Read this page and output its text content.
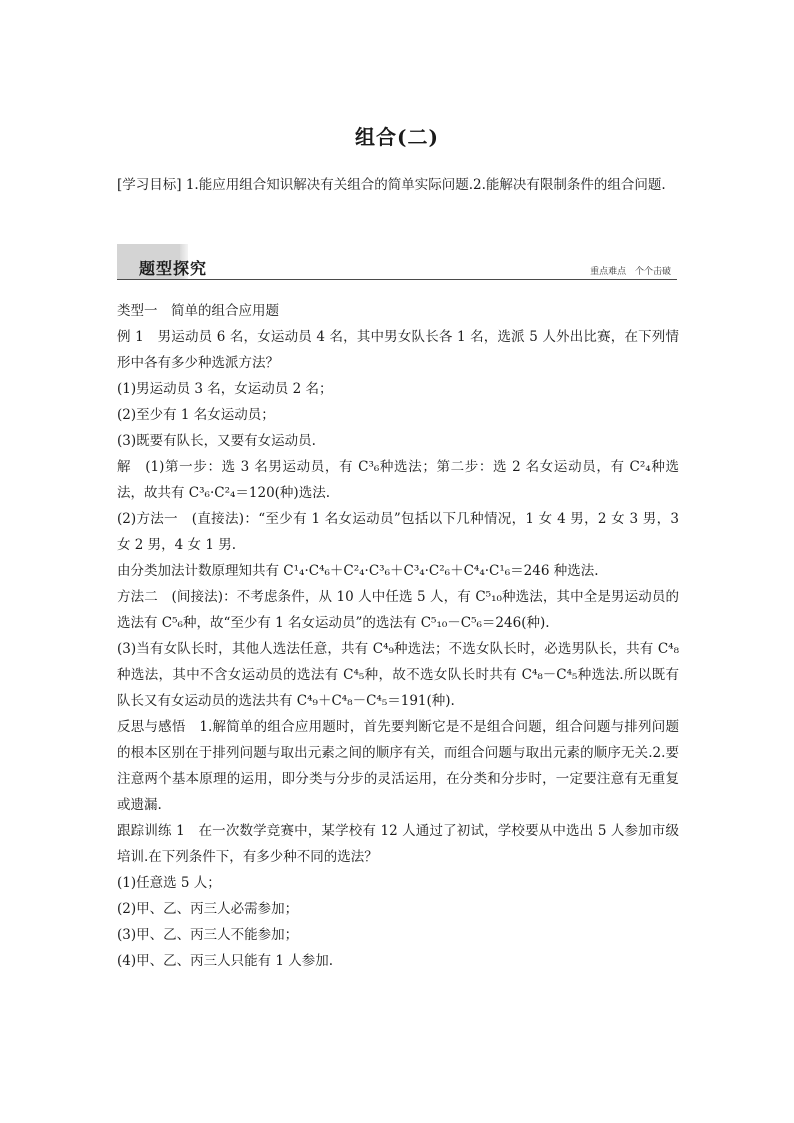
组合(二)
[学习目标] 1.能应用组合知识解决有关组合的简单实际问题.2.能解决有限制条件的组合问题.
题型探究	重点难点 个个击破

类型一　简单的组合应用题

例 1　男运动员 6 名，女运动员 4 名，其中男女队长各 1 名，选派 5 人外出比赛，在下列情形中各有多少种选派方法？

(1)男运动员 3 名，女运动员 2 名；

(2)至少有 1 名女运动员；

(3)既要有队长，又要有女运动员.

解　(1)第一步：选 3 名男运动员，有 C³₆种选法；第二步：选 2 名女运动员，有 C²₄种选法，故共有 C³₆·C²₄＝120(种)选法.

(2)方法一　(直接法)：“至少有 1 名女运动员”包括以下几种情况，1 女 4 男，2 女 3 男，3 女 2 男，4 女 1 男.

由分类加法计数原理知共有 C¹₄·C⁴₆＋C²₄·C³₆＋C³₄·C²₆＋C⁴₄·C¹₆＝246 种选法.

方法二　(间接法)：不考虑条件，从 10 人中任选 5 人，有 C⁵₁₀种选法，其中全是男运动员的选法有 C⁵₆种，故“至少有 1 名女运动员”的选法有 C⁵₁₀－C⁵₆＝246(种).

(3)当有女队长时，其他人选法任意，共有 C⁴₉种选法；不选女队长时，必选男队长，共有 C⁴₈种选法，其中不含女运动员的选法有 C⁴₅种，故不选女队长时共有 C⁴₈－C⁴₅种选法.所以既有队长又有女运动员的选法共有 C⁴₉＋C⁴₈－C⁴₅＝191(种).

反思与感悟　1.解简单的组合应用题时，首先要判断它是不是组合问题，组合问题与排列问题的根本区别在于排列问题与取出元素之间的顺序有关，而组合问题与取出元素的顺序无关.2.要注意两个基本原理的运用，即分类与分步的灵活运用，在分类和分步时，一定要注意有无重复或遗漏.

跟踪训练 1　在一次数学竞赛中，某学校有 12 人通过了初试，学校要从中选出 5 人参加市级培训.在下列条件下，有多少种不同的选法？

(1)任意选 5 人；

(2)甲、乙、丙三人必需参加；

(3)甲、乙、丙三人不能参加；

(4)甲、乙、丙三人只能有 1 人参加.
